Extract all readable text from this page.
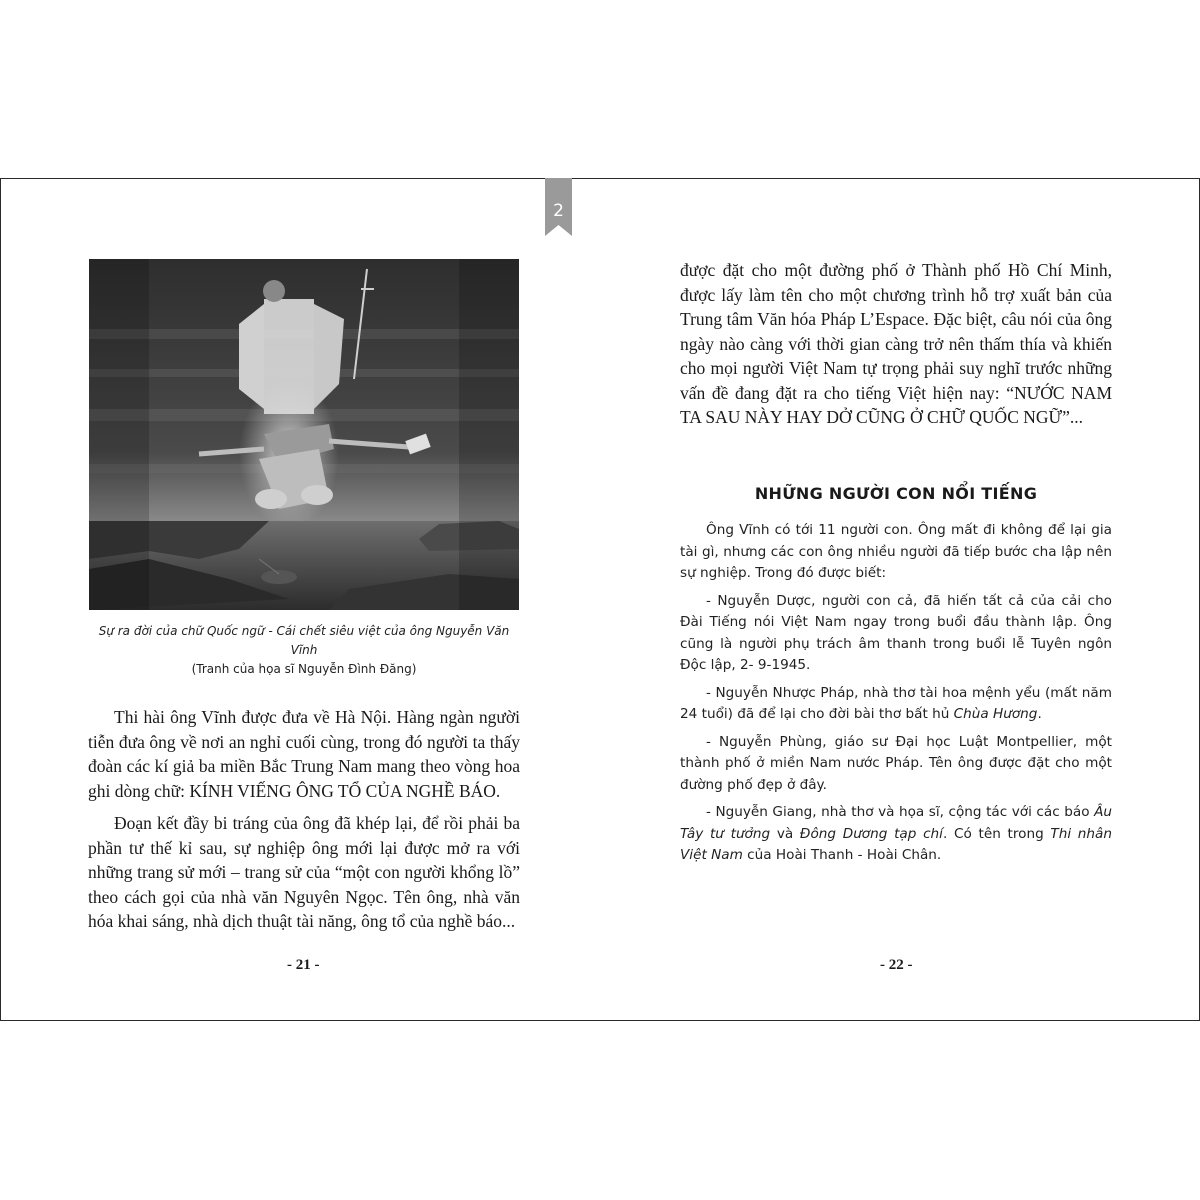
2
Sự ra đời của chữ Quốc ngữ - Cái chết siêu việt của ông Nguyễn Văn Vĩnh
(Tranh của họa sĩ Nguyễn Đình Đăng)

Thi hài ông Vĩnh được đưa về Hà Nội. Hàng ngàn người tiễn đưa ông về nơi an nghỉ cuối cùng, trong đó người ta thấy đoàn các kí giả ba miền Bắc Trung Nam mang theo vòng hoa ghi dòng chữ: KÍNH VIẾNG ÔNG TỔ CỦA NGHỀ BÁO.

Đoạn kết đầy bi tráng của ông đã khép lại, để rồi phải ba phần tư thế kỉ sau, sự nghiệp ông mới lại được mở ra với những trang sử mới – trang sử của “một con người khổng lồ” theo cách gọi của nhà văn Nguyên Ngọc. Tên ông, nhà văn hóa khai sáng, nhà dịch thuật tài năng, ông tổ của nghề báo...

- 21 -

được đặt cho một đường phố ở Thành phố Hồ Chí Minh, được lấy làm tên cho một chương trình hỗ trợ xuất bản của Trung tâm Văn hóa Pháp L’Espace. Đặc biệt, câu nói của ông ngày nào càng với thời gian càng trở nên thấm thía và khiến cho mọi người Việt Nam tự trọng phải suy nghĩ trước những vấn đề đang đặt ra cho tiếng Việt hiện nay: “NƯỚC NAM TA SAU NÀY HAY DỞ CŨNG Ở CHỮ QUỐC NGỮ”...

NHỮNG NGƯỜI CON NỔI TIẾNG

Ông Vĩnh có tới 11 người con. Ông mất đi không để lại gia tài gì, nhưng các con ông nhiều người đã tiếp bước cha lập nên sự nghiệp. Trong đó được biết:

- Nguyễn Dược, người con cả, đã hiến tất cả của cải cho Đài Tiếng nói Việt Nam ngay trong buổi đầu thành lập. Ông cũng là người phụ trách âm thanh trong buổi lễ Tuyên ngôn Độc lập, 2- 9-1945.

- Nguyễn Nhược Pháp, nhà thơ tài hoa mệnh yểu (mất năm 24 tuổi) đã để lại cho đời bài thơ bất hủ Chùa Hương.

- Nguyễn Phùng, giáo sư Đại học Luật Montpellier, một thành phố ở miền Nam nước Pháp. Tên ông được đặt cho một đường phố đẹp ở đây.

- Nguyễn Giang, nhà thơ và họa sĩ, cộng tác với các báo Âu Tây tư tưởng và Đông Dương tạp chí. Có tên trong Thi nhân Việt Nam của Hoài Thanh - Hoài Chân.

- 22 -
